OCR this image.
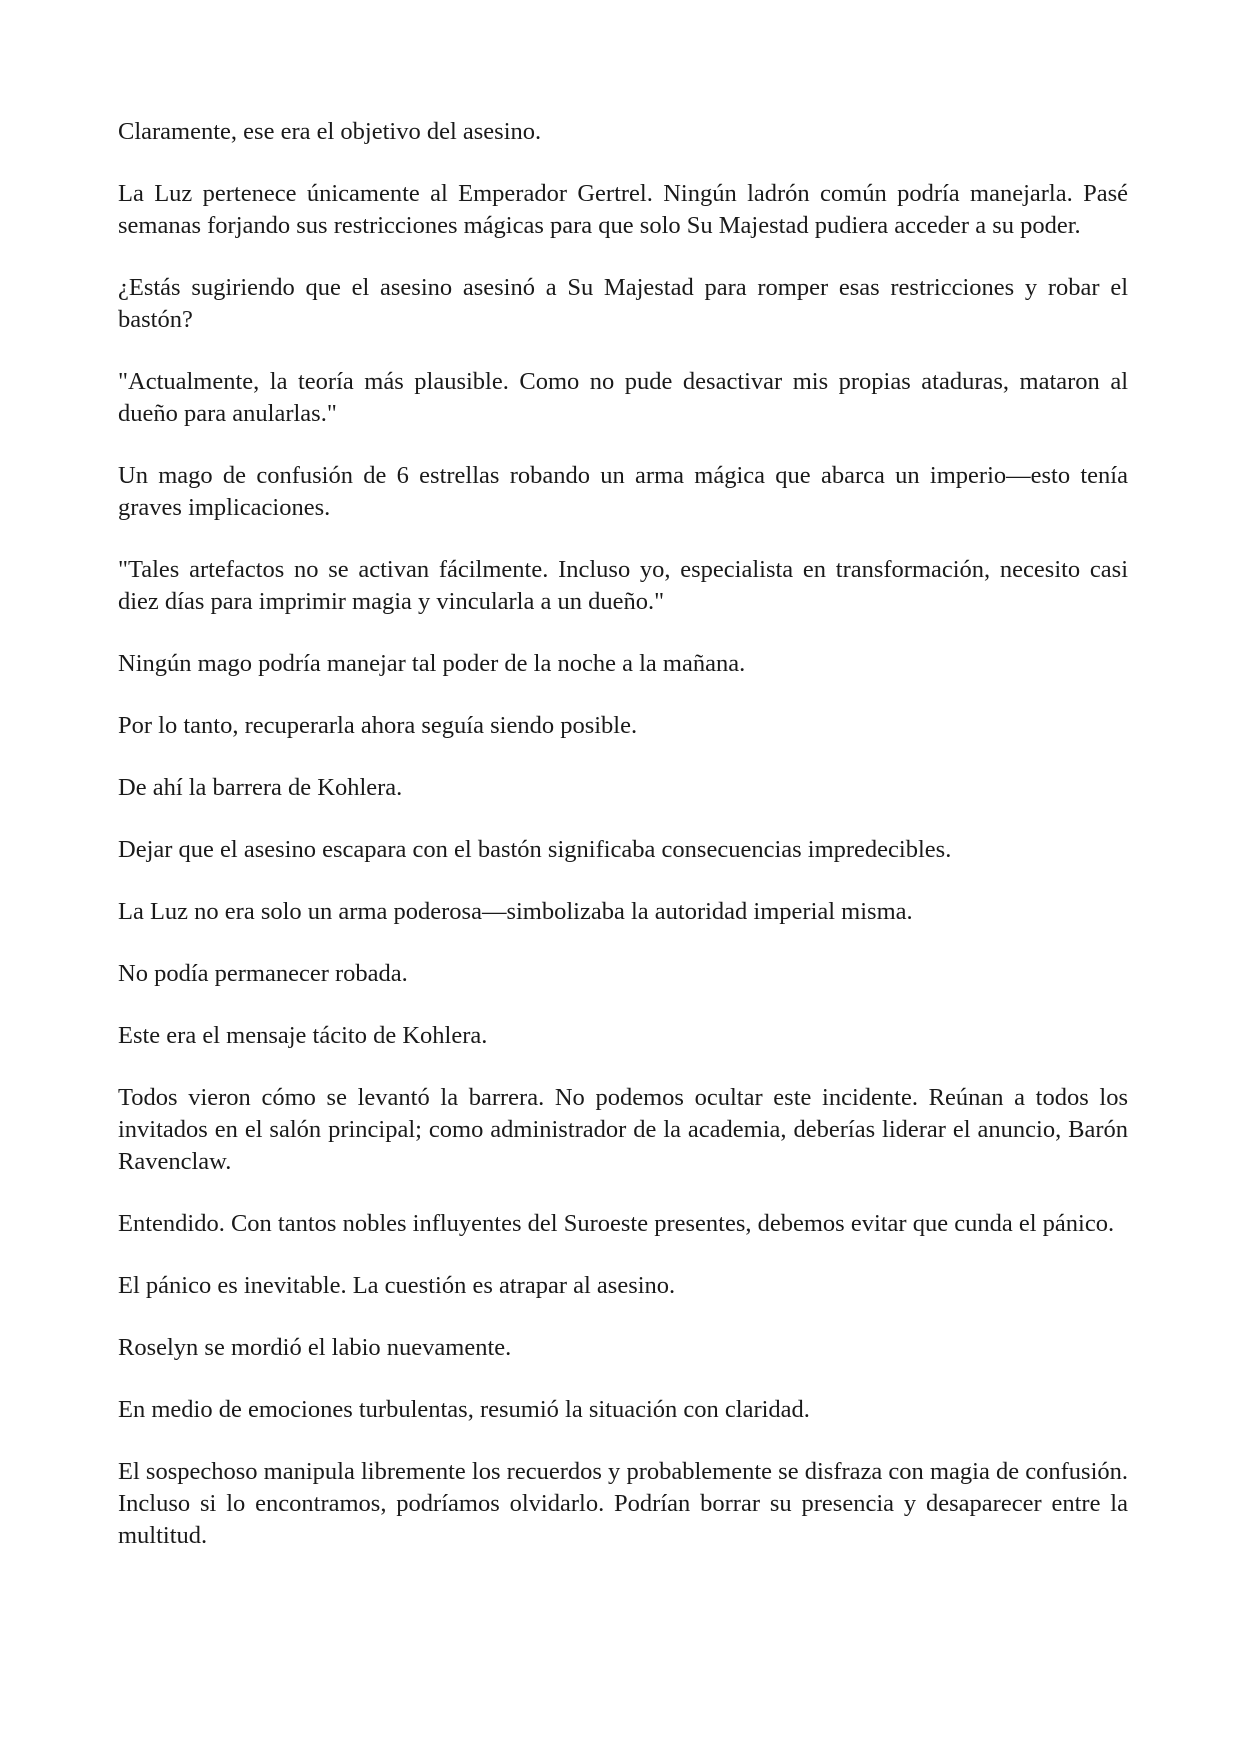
Claramente, ese era el objetivo del asesino.

La Luz pertenece únicamente al Emperador Gertrel. Ningún ladrón común podría manejarla. Pasé semanas forjando sus restricciones mágicas para que solo Su Majestad pudiera acceder a su poder.

¿Estás sugiriendo que el asesino asesinó a Su Majestad para romper esas restricciones y robar el bastón?

"Actualmente, la teoría más plausible. Como no pude desactivar mis propias ataduras, mataron al dueño para anularlas."

Un mago de confusión de 6 estrellas robando un arma mágica que abarca un imperio—esto tenía graves implicaciones.

"Tales artefactos no se activan fácilmente. Incluso yo, especialista en transformación, necesito casi diez días para imprimir magia y vincularla a un dueño."

Ningún mago podría manejar tal poder de la noche a la mañana.

Por lo tanto, recuperarla ahora seguía siendo posible.

De ahí la barrera de Kohlera.

Dejar que el asesino escapara con el bastón significaba consecuencias impredecibles.

La Luz no era solo un arma poderosa—simbolizaba la autoridad imperial misma.

No podía permanecer robada.

Este era el mensaje tácito de Kohlera.

Todos vieron cómo se levantó la barrera. No podemos ocultar este incidente. Reúnan a todos los invitados en el salón principal; como administrador de la academia, deberías liderar el anuncio, Barón Ravenclaw.

Entendido. Con tantos nobles influyentes del Suroeste presentes, debemos evitar que cunda el pánico.

El pánico es inevitable. La cuestión es atrapar al asesino.

Roselyn se mordió el labio nuevamente.

En medio de emociones turbulentas, resumió la situación con claridad.

El sospechoso manipula libremente los recuerdos y probablemente se disfraza con magia de confusión. Incluso si lo encontramos, podríamos olvidarlo. Podrían borrar su presencia y desaparecer entre la multitud.
